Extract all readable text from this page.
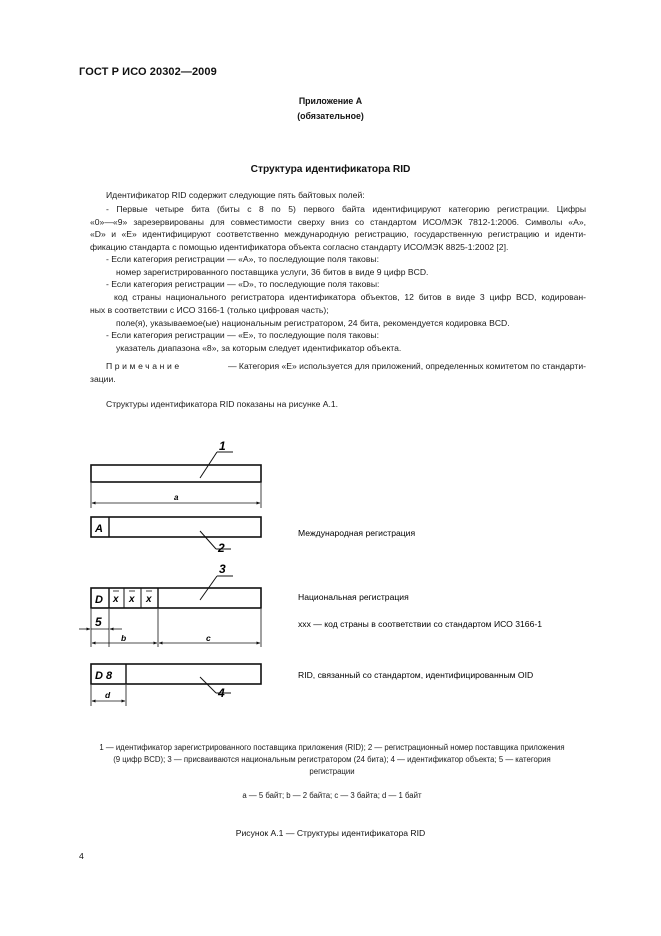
ГОСТ Р ИСО 20302—2009
Приложение А
(обязательное)
Структура идентификатора RID
Идентификатор RID содержит следующие пять байтовых полей:
- Первые четыре бита (биты с 8 по 5) первого байта идентифицируют категорию регистрации. Цифры
«0»—«9» зарезервированы для совместимости сверху вниз со стандартом ИСО/МЭК 7812-1:2006. Символы «A»,
«D» и «E» идентифицируют соответственно международную регистрацию, государственную регистрацию и иденти-
фикацию стандарта с помощью идентификатора объекта согласно стандарту ИСО/МЭК 8825-1:2002 [2].
- Если категория регистрации — «A», то последующие поля таковы:
номер зарегистрированного поставщика услуги, 36 битов в виде 9 цифр BCD.
- Если категория регистрации — «D», то последующие поля таковы:
код страны национального регистратора идентификатора объектов, 12 битов в виде 3 цифр BCD, кодирован-
ных в соответствии с ИСО 3166-1 (только цифровая часть);
поле(я), указываемое(ые) национальным регистратором, 24 бита, рекомендуется кодировка BCD.
- Если категория регистрации — «E», то последующие поля таковы:
указатель диапазона «8», за которым следует идентификатор объекта.
Примечание	— Категория «E» используется для приложений, определенных комитетом по стандарти-
зации.
Структуры идентификатора RID показаны на рисунке А.1.
1
a
A
2
D x x x
3
5
b	c
D 8
4
d
Международная регистрация
Национальная регистрация
xxx — код страны в соответствии со стандартом ИСО 3166-1
RID, связанный со стандартом, идентифицированным OID
1 — идентификатор зарегистрированного поставщика приложения (RID); 2 — регистрационный номер поставщика приложения
(9 цифр BCD); 3 — присваиваются национальным регистратором (24 бита); 4 — идентификатор объекта; 5 — категория
регистрации
a — 5 байт; b — 2 байта; c — 3 байта; d — 1 байт
Рисунок А.1 — Структуры идентификатора RID
4
